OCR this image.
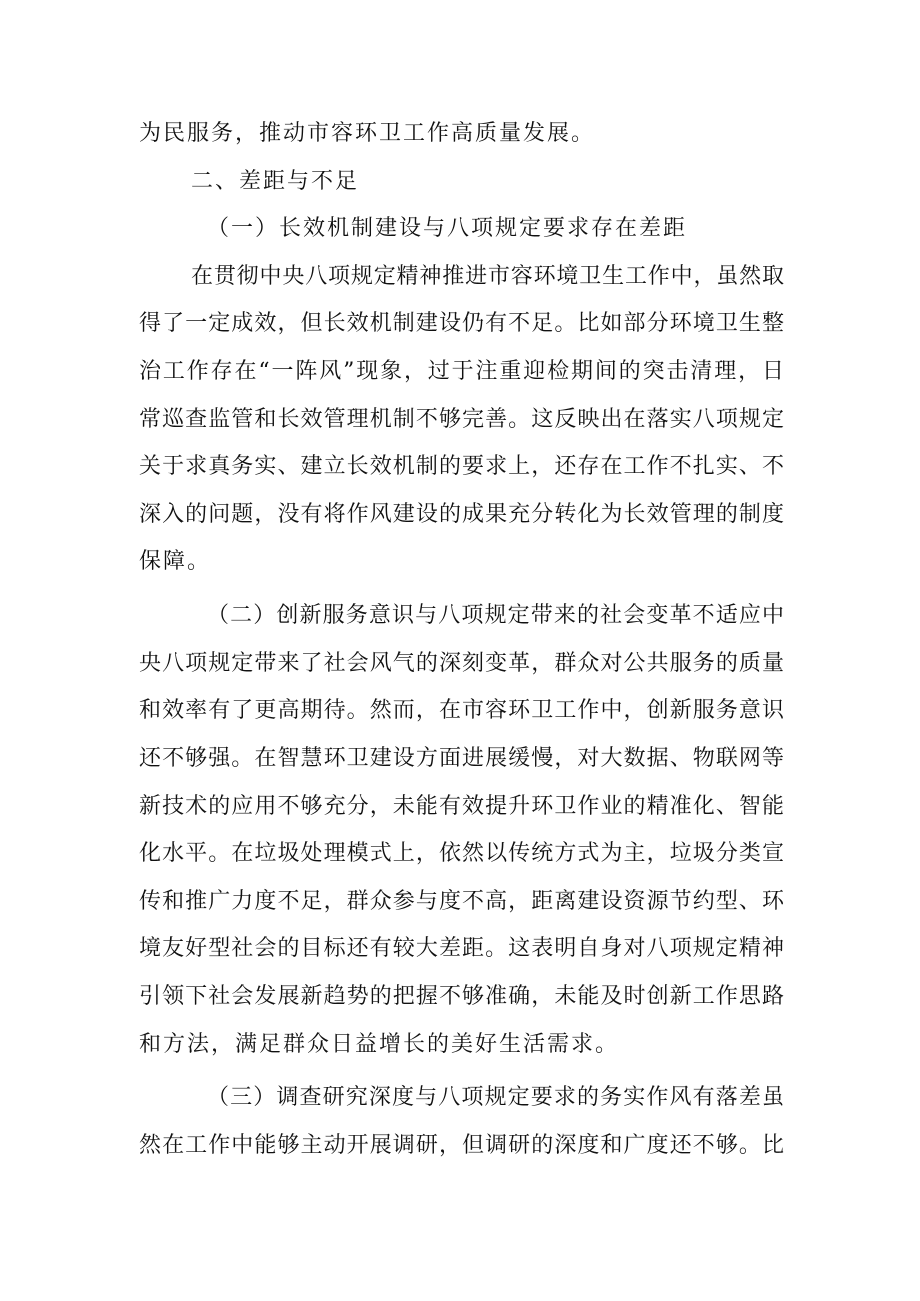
为民服务，推动市容环卫工作高质量发展。
二、差距与不足
（一）长效机制建设与八项规定要求存在差距
在贯彻中央八项规定精神推进市容环境卫生工作中，虽然取
得了一定成效，但长效机制建设仍有不足。比如部分环境卫生整
治工作存在“一阵风”现象，过于注重迎检期间的突击清理，日
常巡查监管和长效管理机制不够完善。这反映出在落实八项规定
关于求真务实、建立长效机制的要求上，还存在工作不扎实、不
深入的问题，没有将作风建设的成果充分转化为长效管理的制度
保障。
（二）创新服务意识与八项规定带来的社会变革不适应中
央八项规定带来了社会风气的深刻变革，群众对公共服务的质量
和效率有了更高期待。然而，在市容环卫工作中，创新服务意识
还不够强。在智慧环卫建设方面进展缓慢，对大数据、物联网等
新技术的应用不够充分，未能有效提升环卫作业的精准化、智能
化水平。在垃圾处理模式上，依然以传统方式为主，垃圾分类宣
传和推广力度不足，群众参与度不高，距离建设资源节约型、环
境友好型社会的目标还有较大差距。这表明自身对八项规定精神
引领下社会发展新趋势的把握不够准确，未能及时创新工作思路
和方法，满足群众日益增长的美好生活需求。
（三）调查研究深度与八项规定要求的务实作风有落差虽
然在工作中能够主动开展调研，但调研的深度和广度还不够。比
